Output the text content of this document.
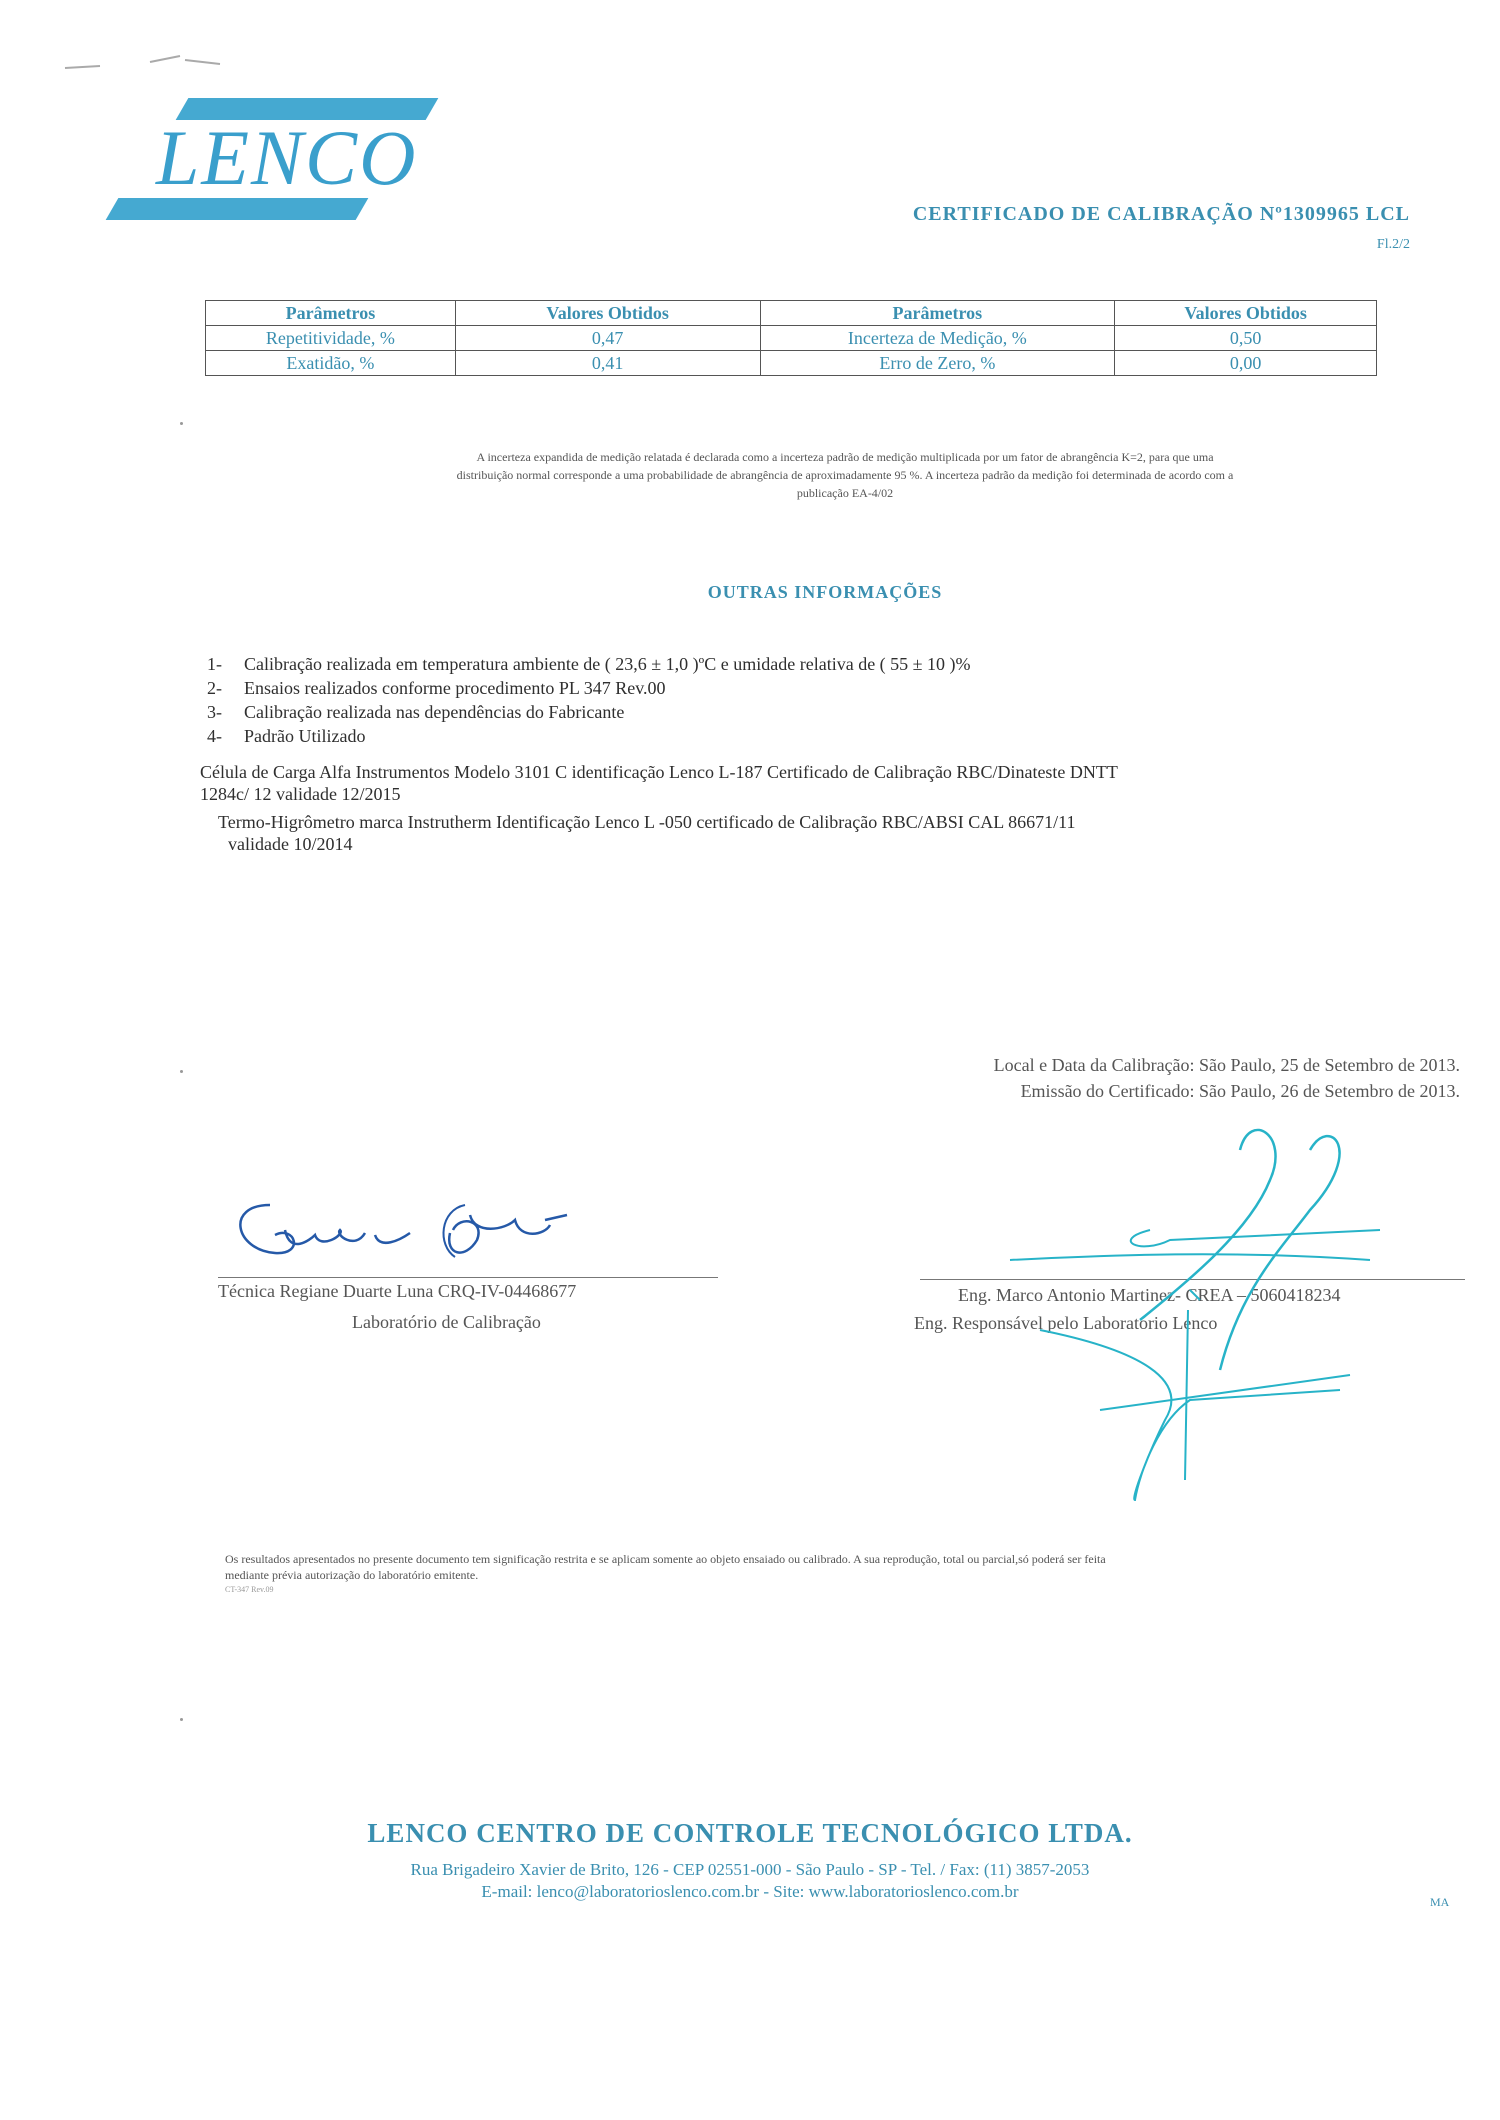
LENCO
CERTIFICADO DE CALIBRAÇÃO Nº1309965 LCL
Fl.2/2
Parâmetros	Valores Obtidos	Parâmetros	Valores Obtidos
Repetitividade, %	0,47	Incerteza de Medição, %	0,50
Exatidão, %	0,41	Erro de Zero, %	0,00
A incerteza expandida de medição relatada é declarada como a incerteza padrão de medição multiplicada por um fator de abrangência K=2, para que uma
distribuição normal corresponde a uma probabilidade de abrangência de aproximadamente 95 %. A incerteza padrão da medição foi determinada de acordo com a
publicação EA-4/02
OUTRAS INFORMAÇÕES
1- Calibração realizada em temperatura ambiente de ( 23,6 ± 1,0 )ºC e umidade relativa de ( 55 ± 10 )%
2- Ensaios realizados conforme procedimento PL 347 Rev.00
3- Calibração realizada nas dependências do Fabricante
4- Padrão Utilizado
Célula de Carga Alfa Instrumentos Modelo 3101 C identificação Lenco L-187 Certificado de Calibração RBC/Dinateste DNTT
1284c/ 12 validade 12/2015
Termo-Higrômetro marca Instrutherm Identificação Lenco L -050 certificado de Calibração RBC/ABSI CAL 86671/11
validade 10/2014
Local e Data da Calibração: São Paulo, 25 de Setembro de 2013.
Emissão do Certificado: São Paulo, 26 de Setembro de 2013.
Técnica Regiane Duarte Luna CRQ-IV-04468677
Laboratório de Calibração
Eng. Marco Antonio Martinez- CREA – 5060418234
Eng. Responsável pelo Laboratório Lenco
Os resultados apresentados no presente documento tem significação restrita e se aplicam somente ao objeto ensaiado ou calibrado. A sua reprodução, total ou parcial,só poderá ser feita
mediante prévia autorização do laboratório emitente.
CT-347 Rev.09
LENCO CENTRO DE CONTROLE TECNOLÓGICO LTDA.
Rua Brigadeiro Xavier de Brito, 126 - CEP 02551-000 - São Paulo - SP - Tel. / Fax: (11) 3857-2053
E-mail: lenco@laboratorioslenco.com.br - Site: www.laboratorioslenco.com.br
MA
